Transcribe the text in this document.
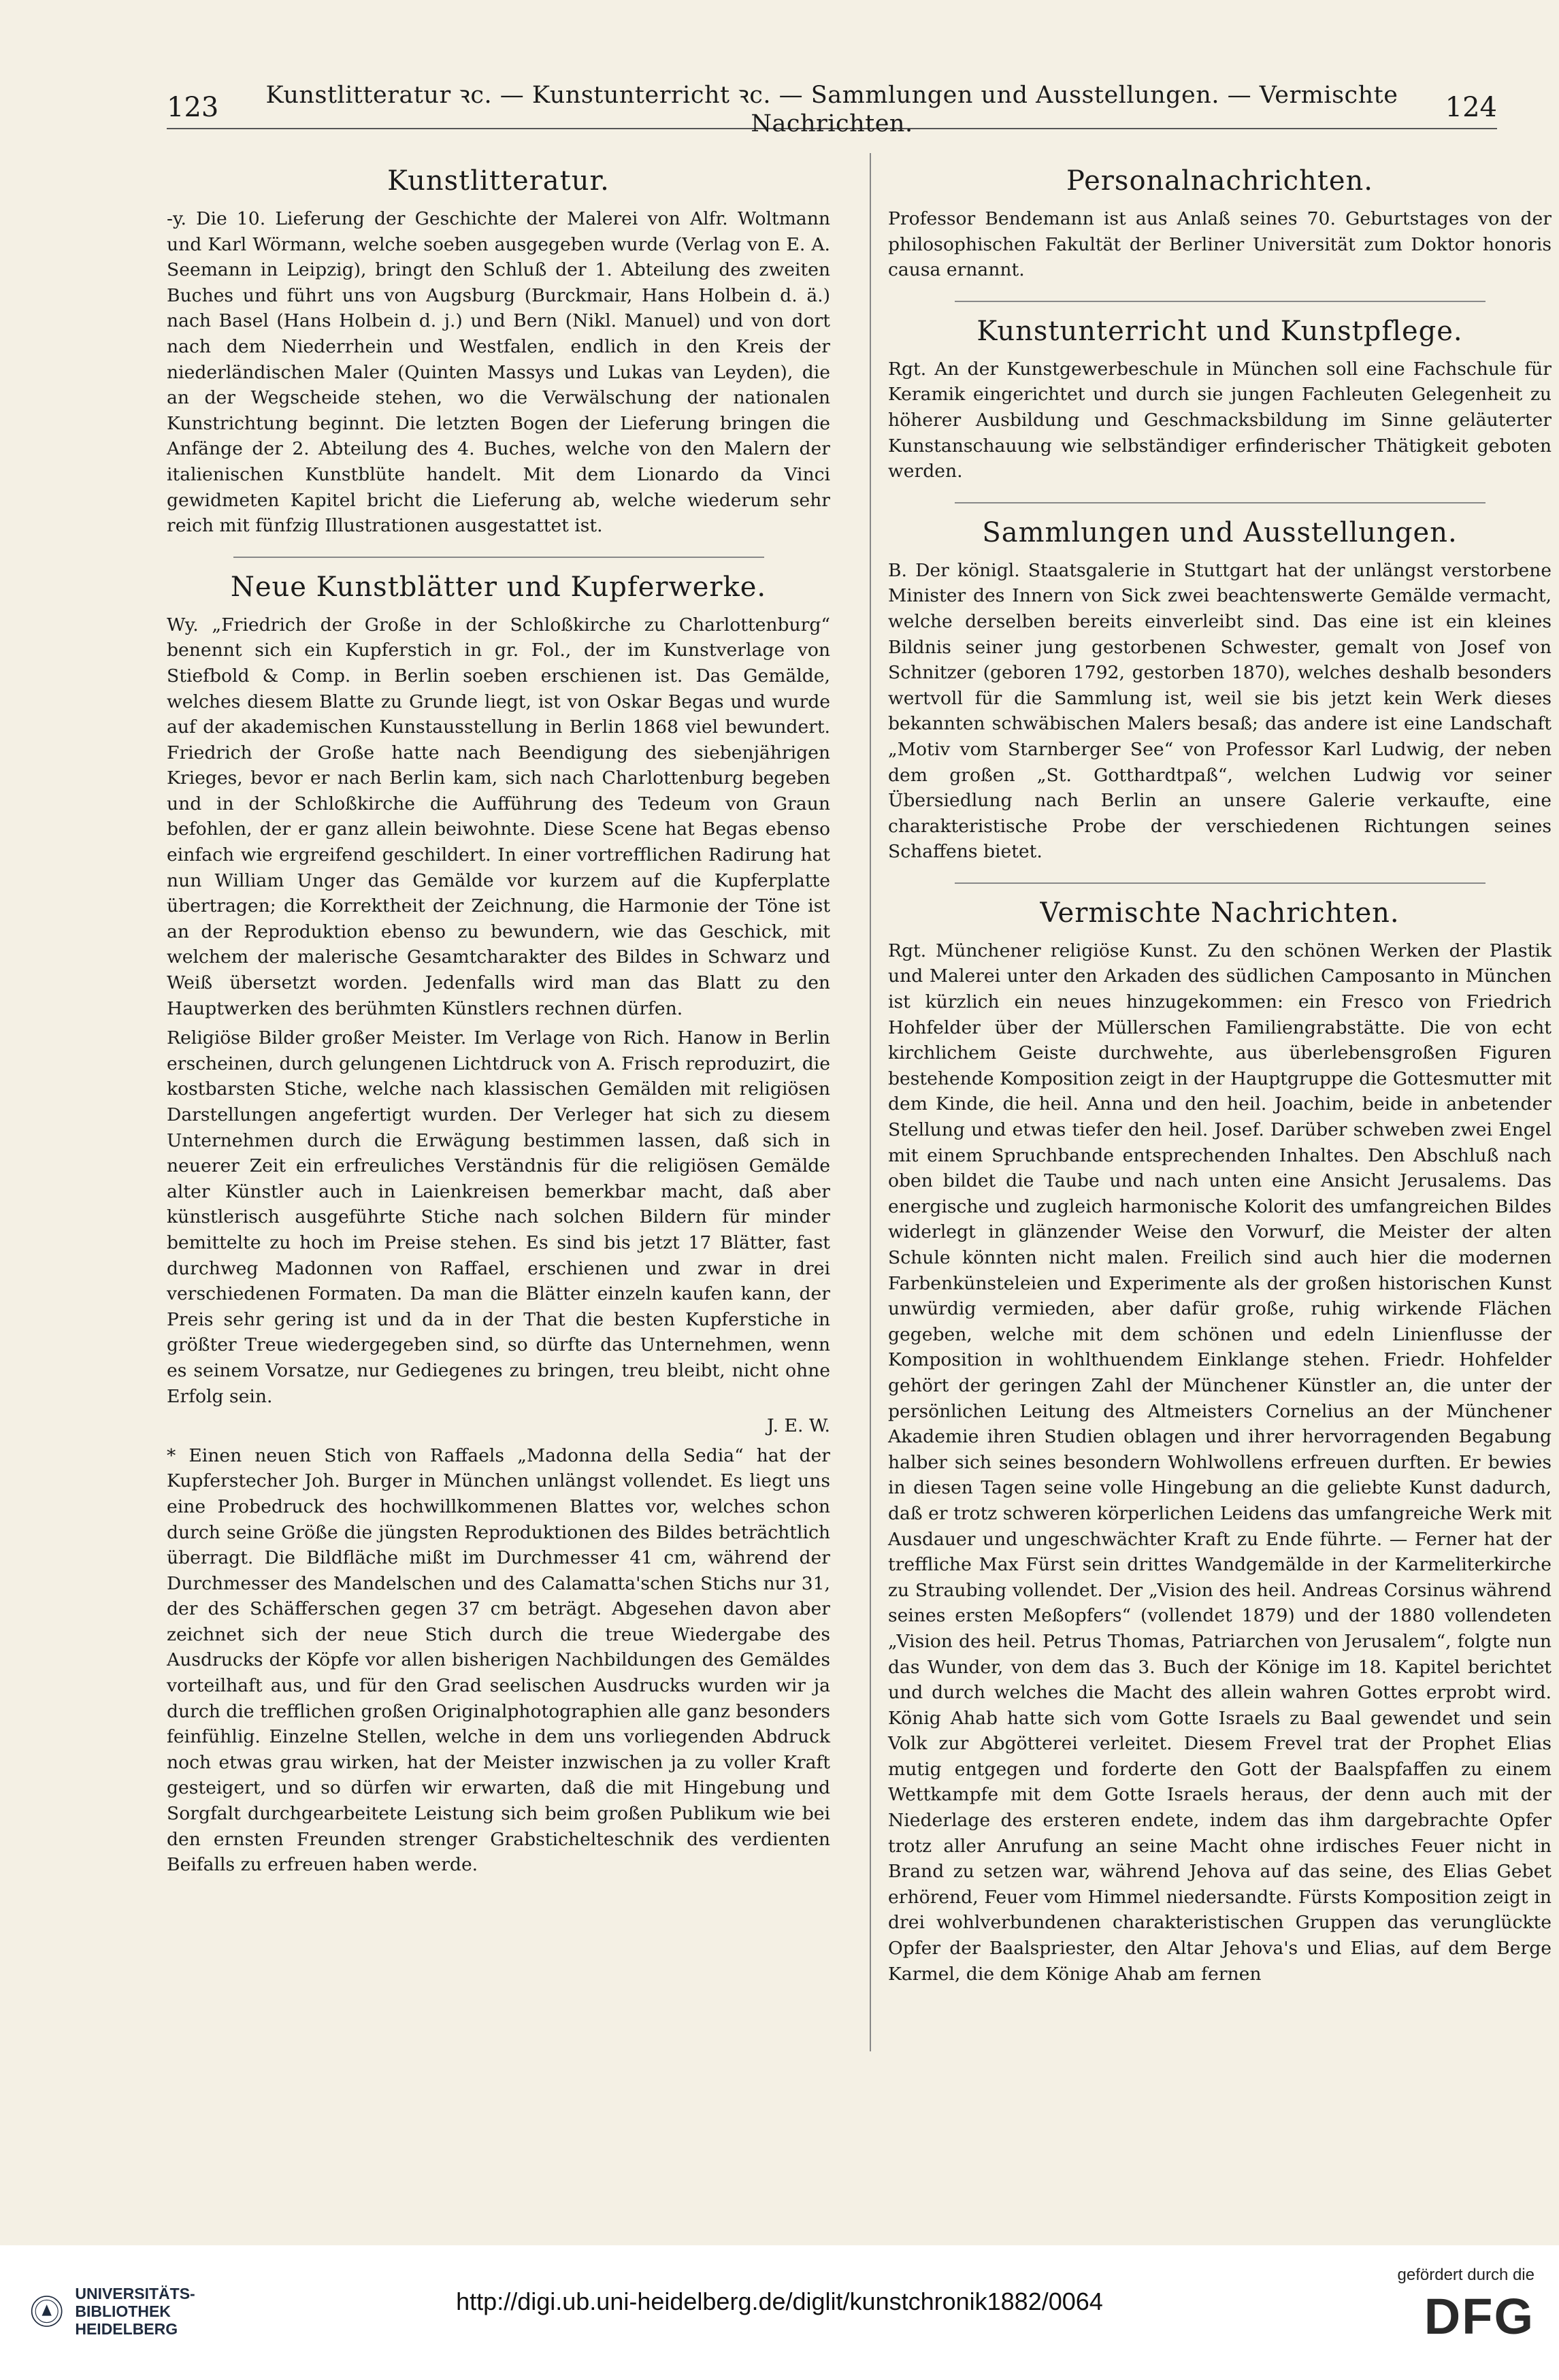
123	Kunstlitteratur ꝛc. — Kunstunterricht ꝛc. — Sammlungen und Ausstellungen. — Vermischte Nachrichten.
124
Kunstlitteratur.

-y. Die 10. Lieferung der Geschichte der Malerei von Alfr. Woltmann und Karl Wörmann, welche soeben ausgegeben wurde (Verlag von E. A. Seemann in Leipzig), bringt den Schluß der 1. Abteilung des zweiten Buches und führt uns von Augsburg (Burckmair, Hans Holbein d. ä.) nach Basel (Hans Holbein d. j.) und Bern (Nikl. Manuel) und von dort nach dem Niederrhein und Westfalen, endlich in den Kreis der niederländischen Maler (Quinten Massys und Lukas van Leyden), die an der Wegscheide stehen, wo die Verwälschung der nationalen Kunstrichtung beginnt. Die letzten Bogen der Lieferung bringen die Anfänge der 2. Abteilung des 4. Buches, welche von den Malern der italienischen Kunstblüte handelt. Mit dem Lionardo da Vinci gewidmeten Kapitel bricht die Lieferung ab, welche wiederum sehr reich mit fünfzig Illustrationen ausgestattet ist.

Neue Kunstblätter und Kupferwerke.

Wy. „Friedrich der Große in der Schloßkirche zu Charlottenburg“ benennt sich ein Kupferstich in gr. Fol., der im Kunstverlage von Stiefbold & Comp. in Berlin soeben erschienen ist. Das Gemälde, welches diesem Blatte zu Grunde liegt, ist von Oskar Begas und wurde auf der akademischen Kunstausstellung in Berlin 1868 viel bewundert. Friedrich der Große hatte nach Beendigung des siebenjährigen Krieges, bevor er nach Berlin kam, sich nach Charlottenburg begeben und in der Schloßkirche die Aufführung des Tedeum von Graun befohlen, der er ganz allein beiwohnte. Diese Scene hat Begas ebenso einfach wie ergreifend geschildert. In einer vortrefflichen Radirung hat nun William Unger das Gemälde vor kurzem auf die Kupferplatte übertragen; die Korrektheit der Zeichnung, die Harmonie der Töne ist an der Reproduktion ebenso zu bewundern, wie das Geschick, mit welchem der malerische Gesamtcharakter des Bildes in Schwarz und Weiß übersetzt worden. Jedenfalls wird man das Blatt zu den Hauptwerken des berühmten Künstlers rechnen dürfen.

Religiöse Bilder großer Meister. Im Verlage von Rich. Hanow in Berlin erscheinen, durch gelungenen Lichtdruck von A. Frisch reproduzirt, die kostbarsten Stiche, welche nach klassischen Gemälden mit religiösen Darstellungen angefertigt wurden. Der Verleger hat sich zu diesem Unternehmen durch die Erwägung bestimmen lassen, daß sich in neuerer Zeit ein erfreuliches Verständnis für die religiösen Gemälde alter Künstler auch in Laienkreisen bemerkbar macht, daß aber künstlerisch ausgeführte Stiche nach solchen Bildern für minder bemittelte zu hoch im Preise stehen. Es sind bis jetzt 17 Blätter, fast durchweg Madonnen von Raffael, erschienen und zwar in drei verschiedenen Formaten. Da man die Blätter einzeln kaufen kann, der Preis sehr gering ist und da in der That die besten Kupferstiche in größter Treue wiedergegeben sind, so dürfte das Unternehmen, wenn es seinem Vorsatze, nur Gediegenes zu bringen, treu bleibt, nicht ohne Erfolg sein.

J. E. W.

* Einen neuen Stich von Raffaels „Madonna della Sedia“ hat der Kupferstecher Joh. Burger in München unlängst vollendet. Es liegt uns eine Probedruck des hochwillkommenen Blattes vor, welches schon durch seine Größe die jüngsten Reproduktionen des Bildes beträchtlich überragt. Die Bildfläche mißt im Durchmesser 41 cm, während der Durchmesser des Mandelschen und des Calamatta'schen Stichs nur 31, der des Schäfferschen gegen 37 cm beträgt. Abgesehen davon aber zeichnet sich der neue Stich durch die treue Wiedergabe des Ausdrucks der Köpfe vor allen bisherigen Nachbildungen des Gemäldes vorteilhaft aus, und für den Grad seelischen Ausdrucks wurden wir ja durch die trefflichen großen Originalphotographien alle ganz besonders feinfühlig. Einzelne Stellen, welche in dem uns vorliegenden Abdruck noch etwas grau wirken, hat der Meister inzwischen ja zu voller Kraft gesteigert, und so dürfen wir erwarten, daß die mit Hingebung und Sorgfalt durchgearbeitete Leistung sich beim großen Publikum wie bei den ernsten Freunden strenger Grabstichelteschnik des verdienten Beifalls zu erfreuen haben werde.

Personalnachrichten.

Professor Bendemann ist aus Anlaß seines 70. Geburtstages von der philosophischen Fakultät der Berliner Universität zum Doktor honoris causa ernannt.

Kunstunterricht und Kunstpflege.

Rgt. An der Kunstgewerbeschule in München soll eine Fachschule für Keramik eingerichtet und durch sie jungen Fachleuten Gelegenheit zu höherer Ausbildung und Geschmacksbildung im Sinne geläuterter Kunstanschauung wie selbständiger erfinderischer Thätigkeit geboten werden.

Sammlungen und Ausstellungen.

B. Der königl. Staatsgalerie in Stuttgart hat der unlängst verstorbene Minister des Innern von Sick zwei beachtenswerte Gemälde vermacht, welche derselben bereits einverleibt sind. Das eine ist ein kleines Bildnis seiner jung gestorbenen Schwester, gemalt von Josef von Schnitzer (geboren 1792, gestorben 1870), welches deshalb besonders wertvoll für die Sammlung ist, weil sie bis jetzt kein Werk dieses bekannten schwäbischen Malers besaß; das andere ist eine Landschaft „Motiv vom Starnberger See“ von Professor Karl Ludwig, der neben dem großen „St. Gotthardtpaß“, welchen Ludwig vor seiner Übersiedlung nach Berlin an unsere Galerie verkaufte, eine charakteristische Probe der verschiedenen Richtungen seines Schaffens bietet.

Vermischte Nachrichten.

Rgt. Münchener religiöse Kunst. Zu den schönen Werken der Plastik und Malerei unter den Arkaden des südlichen Camposanto in München ist kürzlich ein neues hinzugekommen: ein Fresco von Friedrich Hohfelder über der Müllerschen Familiengrabstätte. Die von echt kirchlichem Geiste durchwehte, aus überlebensgroßen Figuren bestehende Komposition zeigt in der Hauptgruppe die Gottesmutter mit dem Kinde, die heil. Anna und den heil. Joachim, beide in anbetender Stellung und etwas tiefer den heil. Josef. Darüber schweben zwei Engel mit einem Spruchbande entsprechenden Inhaltes. Den Abschluß nach oben bildet die Taube und nach unten eine Ansicht Jerusalems. Das energische und zugleich harmonische Kolorit des umfangreichen Bildes widerlegt in glänzender Weise den Vorwurf, die Meister der alten Schule könnten nicht malen. Freilich sind auch hier die modernen Farbenkünsteleien und Experimente als der großen historischen Kunst unwürdig vermieden, aber dafür große, ruhig wirkende Flächen gegeben, welche mit dem schönen und edeln Linienflusse der Komposition in wohlthuendem Einklange stehen. Friedr. Hohfelder gehört der geringen Zahl der Münchener Künstler an, die unter der persönlichen Leitung des Altmeisters Cornelius an der Münchener Akademie ihren Studien oblagen und ihrer hervorragenden Begabung halber sich seines besondern Wohlwollens erfreuen durften. Er bewies in diesen Tagen seine volle Hingebung an die geliebte Kunst dadurch, daß er trotz schweren körperlichen Leidens das umfangreiche Werk mit Ausdauer und ungeschwächter Kraft zu Ende führte. — Ferner hat der treffliche Max Fürst sein drittes Wandgemälde in der Karmeliterkirche zu Straubing vollendet. Der „Vision des heil. Andreas Corsinus während seines ersten Meßopfers“ (vollendet 1879) und der 1880 vollendeten „Vision des heil. Petrus Thomas, Patriarchen von Jerusalem“, folgte nun das Wunder, von dem das 3. Buch der Könige im 18. Kapitel berichtet und durch welches die Macht des allein wahren Gottes erprobt wird. König Ahab hatte sich vom Gotte Israels zu Baal gewendet und sein Volk zur Abgötterei verleitet. Diesem Frevel trat der Prophet Elias mutig entgegen und forderte den Gott der Baalspfaffen zu einem Wettkampfe mit dem Gotte Israels heraus, der denn auch mit der Niederlage des ersteren endete, indem das ihm dargebrachte Opfer trotz aller Anrufung an seine Macht ohne irdisches Feuer nicht in Brand zu setzen war, während Jehova auf das seine, des Elias Gebet erhörend, Feuer vom Himmel niedersandte. Fürsts Komposition zeigt in drei wohlverbundenen charakteristischen Gruppen das verunglückte Opfer der Baalspriester, den Altar Jehova's und Elias, auf dem Berge Karmel, die dem Könige Ahab am fernen

UNIVERSITÄTS- BIBLIOTHEK HEIDELBERG
http://digi.ub.uni-heidelberg.de/diglit/kunstchronik1882/0064
gefördert durch die
DFG
